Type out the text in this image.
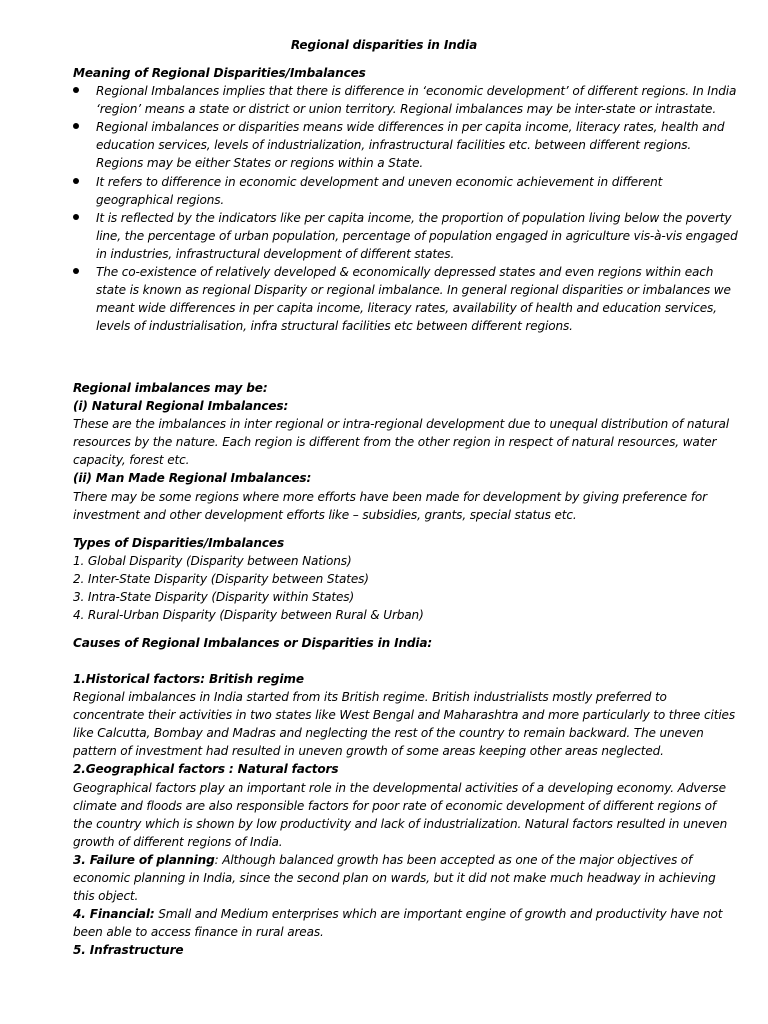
Regional disparities in India

Meaning of Regional Disparities/Imbalances

Regional Imbalances implies that there is difference in ‘economic development’ of different regions. In India ‘region’ means a state or district or union territory. Regional imbalances may be inter-state or intrastate.
Regional imbalances or disparities means wide differences in per capita income, literacy rates, health and education services, levels of industrialization, infrastructural facilities etc. between different regions. Regions may be either States or regions within a State.
It refers to difference in economic development and uneven economic achievement in different geographical regions.
It is reflected by the indicators like per capita income, the proportion of population living below the poverty line, the percentage of urban population, percentage of population engaged in agriculture vis-à-vis engaged in industries, infrastructural development of different states.
The co-existence of relatively developed & economically depressed states and even regions within each state is known as regional Disparity or regional imbalance. In general regional disparities or imbalances we meant wide differences in per capita income, literacy rates, availability of health and education services, levels of industrialisation, infra structural facilities etc between different regions.

Regional imbalances may be:

(i) Natural Regional Imbalances:

These are the imbalances in inter regional or intra-regional development due to unequal distribution of natural resources by the nature. Each region is different from the other region in respect of natural resources, water capacity, forest etc.

(ii) Man Made Regional Imbalances:

There may be some regions where more efforts have been made for development by giving preference for investment and other development efforts like – subsidies, grants, special status etc.

Types of Disparities/Imbalances

1. Global Disparity (Disparity between Nations)

2. Inter-State Disparity (Disparity between States)

3. Intra-State Disparity (Disparity within States)

4. Rural-Urban Disparity (Disparity between Rural & Urban)

Causes of Regional Imbalances or Disparities in India:

1.Historical factors: British regime

Regional imbalances in India started from its British regime. British industrialists mostly preferred to concentrate their activities in two states like West Bengal and Maharashtra and more particularly to three cities like Calcutta, Bombay and Madras and neglecting the rest of the country to remain backward. The uneven pattern of investment had resulted in uneven growth of some areas keeping other areas neglected.

2.Geographical factors : Natural factors

Geographical factors play an important role in the developmental activities of a developing economy. Adverse climate and floods are also responsible factors for poor rate of economic development of different regions of the country which is shown by low productivity and lack of industrialization. Natural factors resulted in uneven growth of different regions of India.

3. Failure of planning: Although balanced growth has been accepted as one of the major objectives of economic planning in India, since the second plan on wards, but it did not make much headway in achieving this object.

4. Financial: Small and Medium enterprises which are important engine of growth and productivity have not been able to access finance in rural areas.

5. Infrastructure
